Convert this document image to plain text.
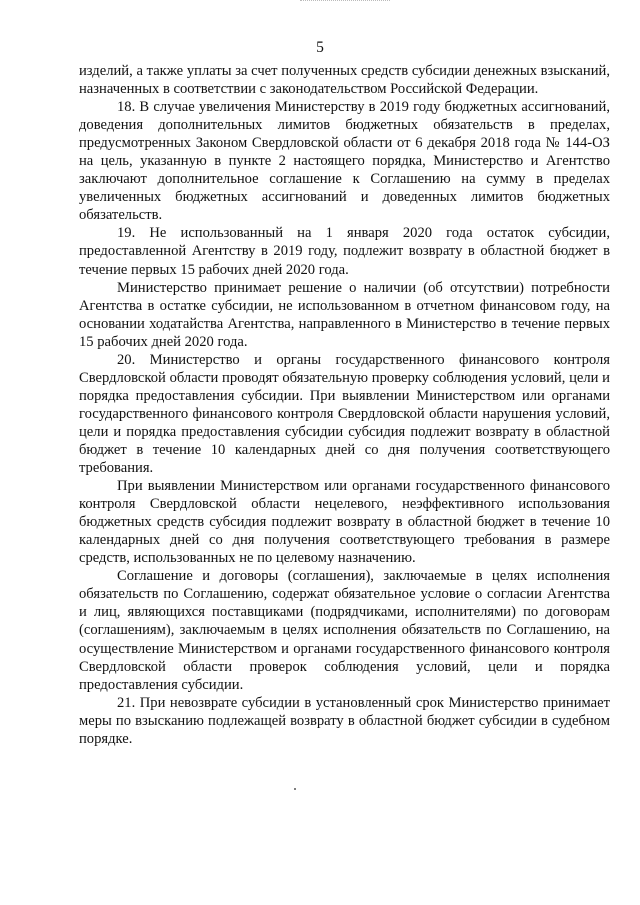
5

изделий, а также уплаты за счет полученных средств субсидии денежных взысканий, назначенных в соответствии с законодательством Российской Федерации.

18. В случае увеличения Министерству в 2019 году бюджетных ассигнований, доведения дополнительных лимитов бюджетных обязательств в пределах, предусмотренных Законом Свердловской области от 6 декабря 2018 года № 144-ОЗ на цель, указанную в пункте 2 настоящего порядка, Министерство и Агентство заключают дополнительное соглашение к Соглашению на сумму в пределах увеличенных бюджетных ассигнований и доведенных лимитов бюджетных обязательств.

19. Не использованный на 1 января 2020 года остаток субсидии, предоставленной Агентству в 2019 году, подлежит возврату в областной бюджет в течение первых 15 рабочих дней 2020 года.

Министерство принимает решение о наличии (об отсутствии) потребности Агентства в остатке субсидии, не использованном в отчетном финансовом году, на основании ходатайства Агентства, направленного в Министерство в течение первых 15 рабочих дней 2020 года.

20. Министерство и органы государственного финансового контроля Свердловской области проводят обязательную проверку соблюдения условий, цели и порядка предоставления субсидии. При выявлении Министерством или органами государственного финансового контроля Свердловской области нарушения условий, цели и порядка предоставления субсидии субсидия подлежит возврату в областной бюджет в течение 10 календарных дней со дня получения соответствующего требования.

При выявлении Министерством или органами государственного финансового контроля Свердловской области нецелевого, неэффективного использования бюджетных средств субсидия подлежит возврату в областной бюджет в течение 10 календарных дней со дня получения соответствующего требования в размере средств, использованных не по целевому назначению.

Соглашение и договоры (соглашения), заключаемые в целях исполнения обязательств по Соглашению, содержат обязательное условие о согласии Агентства и лиц, являющихся поставщиками (подрядчиками, исполнителями) по договорам (соглашениям), заключаемым в целях исполнения обязательств по Соглашению, на осуществление Министерством и органами государственного финансового контроля Свердловской области проверок соблюдения условий, цели и порядка предоставления субсидии.

21. При невозврате субсидии в установленный срок Министерство принимает меры по взысканию подлежащей возврату в областной бюджет субсидии в судебном порядке.
